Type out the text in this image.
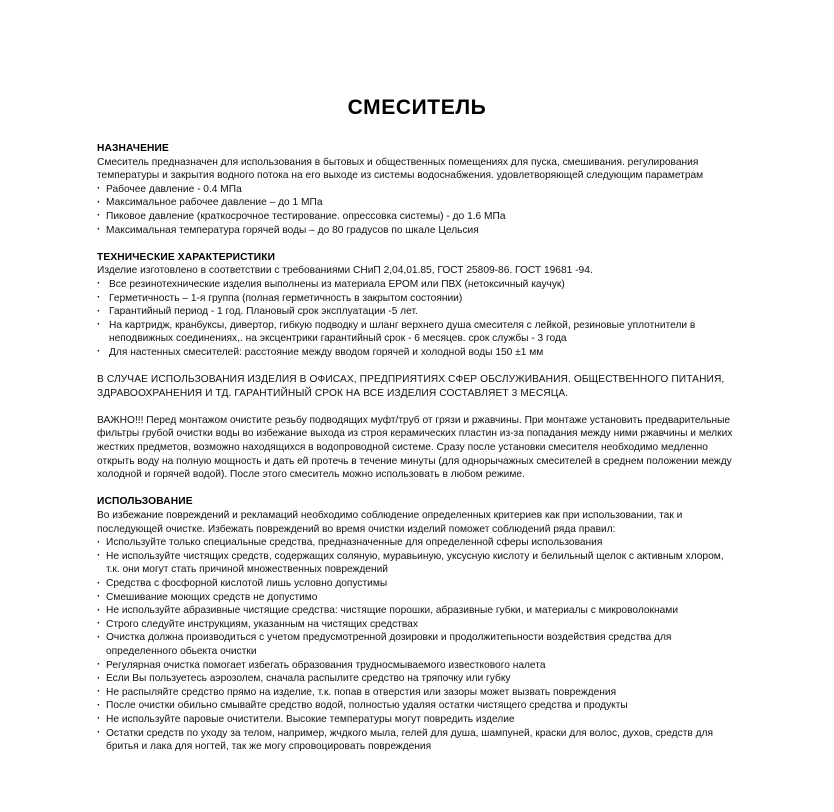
СМЕСИТЕЛЬ
НАЗНАЧЕНИЕ

Смеситель предназначен для использования в бытовых и общественных помещениях для пуска, смешивания. регулирования температуры и закрытия водного потока на его выходе из системы водоснабжения. удовлетворяющей следующим параметрам

· Рабочее давление - 0.4 МПа
· Максимальное рабочее давление – до 1 МПа
· Пиковое давление (краткосрочное тестирование. опрессовка системы) - до 1.6 МПа
· Максимальная температура горячей воды – до 80 градусов по шкале Цельсия
ТЕХНИЧЕСКИЕ ХАРАКТЕРИСТИКИ

Изделие изготовлено в соответствии с требованиями СНиП 2,04,01.85, ГОСТ 25809-86. ГОСТ 19681 -94.

· Все резинотехнические изделия выполнены из материала ЕРОМ или ПВХ (нетоксичный каучук)
· Герметичность – 1-я группа (полная герметичность в закрытом состоянии)
· Гарантийный период - 1 год. Плановый срок эксплуатации -5 лет.
· На картридж, кранбуксы, дивертор, гибкую подводку и шланг верхнего душа смесителя с лейкой, резиновые уплотнители в неподвижных соединениях,. на эксцентрики гарантийный срок - 6 месяцев. срок службы - 3 года
· Для настенных смесителей: расстояние между вводом горячей и холодной воды 150 ±1 мм

В СЛУЧАЕ ИСПОЛЬЗОВАНИЯ ИЗДЕЛИЯ В ОФИСАХ, ПРЕДПРИЯТИЯХ СФЕР ОБСЛУЖИВАНИЯ. ОБЩЕСТВЕННОГО ПИТАНИЯ, ЗДРАВООХРАНЕНИЯ И ТД. ГАРАНТИЙНЫЙ СРОК НА ВСЕ ИЗДЕЛИЯ СОСТАВЛЯЕТ 3 МЕСЯЦА.

ВАЖНО!!! Перед монтажом очистите резьбу подводящих муфт/труб от грязи и ржавчины. При монтаже установить предварительные фильтры грубой очистки воды во избежание выхода из строя керамических пластин из-за попадания между ними ржавчины и мелких жестких предметов, возможно находящихся в водопроводной системе. Сразу после установки смесителя необходимо медленно открыть воду на полную мощность и дать ей протечь в течение минуты (для однорычажных смесителей в среднем положении между холодной и горячей водой). После этого смеситель можно использовать в любом режиме.

ИСПОЛЬЗОВАНИЕ

Во избежание повреждений и рекламаций необходимо соблюдение определенных критериев как при использовании, так и последующей очистке. Избежать повреждений во время очистки изделий поможет соблюдений ряда правил:

· Используйте только специальные средства, предназначенные для определенной сферы использования
· Не используйте чистящих средств, содержащих соляную, муравьиную, уксусную кислоту и белильный щелок с активным хлором, т.к. они могут стать причиной множественных повреждений
· Средства с фосфорной кислотой лишь условно допустимы
· Смешивание моющих средств не допустимо
· Не используйте абразивные чистящие средства: чистящие порошки, абразивные губки, и материалы с микроволокнами
· Строго следуйте инструкциям, указанным на чистящих средствах
· Очистка должна производиться с учетом предусмотренной дозировки и продолжитепьности воздействия средства для определенного обьекта очистки
· Регулярная очистка помогает избегать образования трудносмываемого известкового налета
· Если Вы пользуетесь аэрозолем, сначала распылите средство на тряпочку или губку
· Не распыляйте средство прямо на изделие, т.к. попав в отверстия или зазоры может вызвать повреждения
· После очистки обильно смывайте средство водой, полностью удаляя остатки чистящего средства и продукты
· Не используйте паровые очистители. Высокие температуры могут повредить изделие
· Остатки средств по уходу за телом, например, жчдкого мыла, гелей для душа, шампуней, краски для волос, духов, средств для бритья и лака для ногтей, так же могу спровоцировать повреждения
